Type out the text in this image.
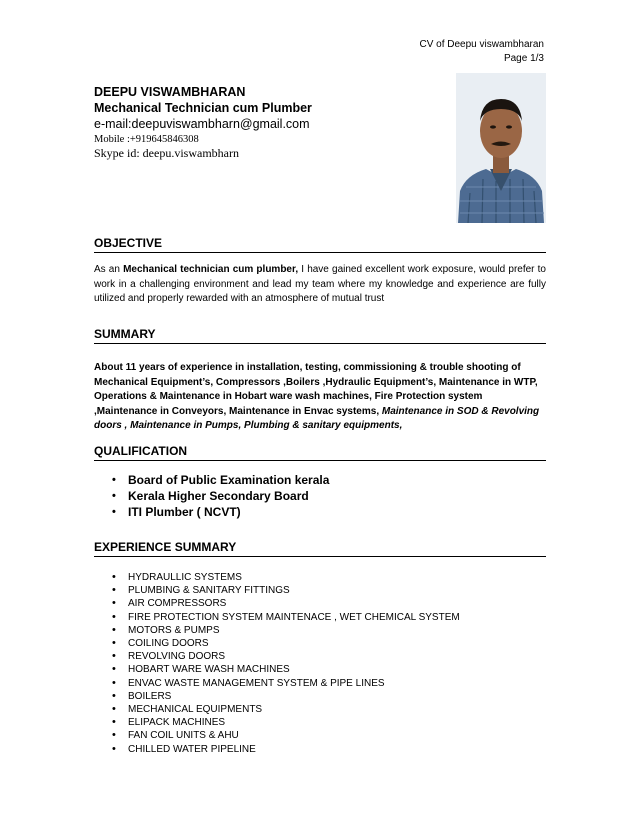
CV of Deepu viswambharan
Page 1/3
DEEPU VISWAMBHARAN
Mechanical Technician cum Plumber
e-mail:deepuviswambharn@gmail.com
Mobile :+919645846308
Skype id: deepu.viswambharn
OBJECTIVE
As an Mechanical technician cum plumber, I have gained excellent work exposure, would prefer to work in a challenging environment and lead my team where my knowledge and experience are fully utilized and properly rewarded with an atmosphere of mutual trust
SUMMARY
About 11 years of experience in installation, testing, commissioning & trouble shooting of Mechanical Equipment’s, Compressors ,Boilers ,Hydraulic Equipment’s, Maintenance in WTP, Operations & Maintenance in Hobart ware wash machines, Fire Protection system ,Maintenance in Conveyors, Maintenance in Envac systems, Maintenance in SOD & Revolving doors , Maintenance in Pumps, Plumbing & sanitary equipments,
QUALIFICATION
•	Board of Public Examination kerala
•	Kerala Higher Secondary Board
•	ITI Plumber ( NCVT)
EXPERIENCE SUMMARY
•	HYDRAULLIC SYSTEMS
•	PLUMBING & SANITARY FITTINGS
•	AIR COMPRESSORS
•	FIRE PROTECTION SYSTEM MAINTENACE , WET CHEMICAL SYSTEM
•	MOTORS & PUMPS
•	COILING DOORS
•	REVOLVING DOORS
•	HOBART WARE WASH MACHINES
•	ENVAC WASTE MANAGEMENT SYSTEM & PIPE LINES
•	BOILERS
•	MECHANICAL EQUIPMENTS
•	ELIPACK MACHINES
•	FAN COIL UNITS & AHU
•	CHILLED WATER PIPELINE
